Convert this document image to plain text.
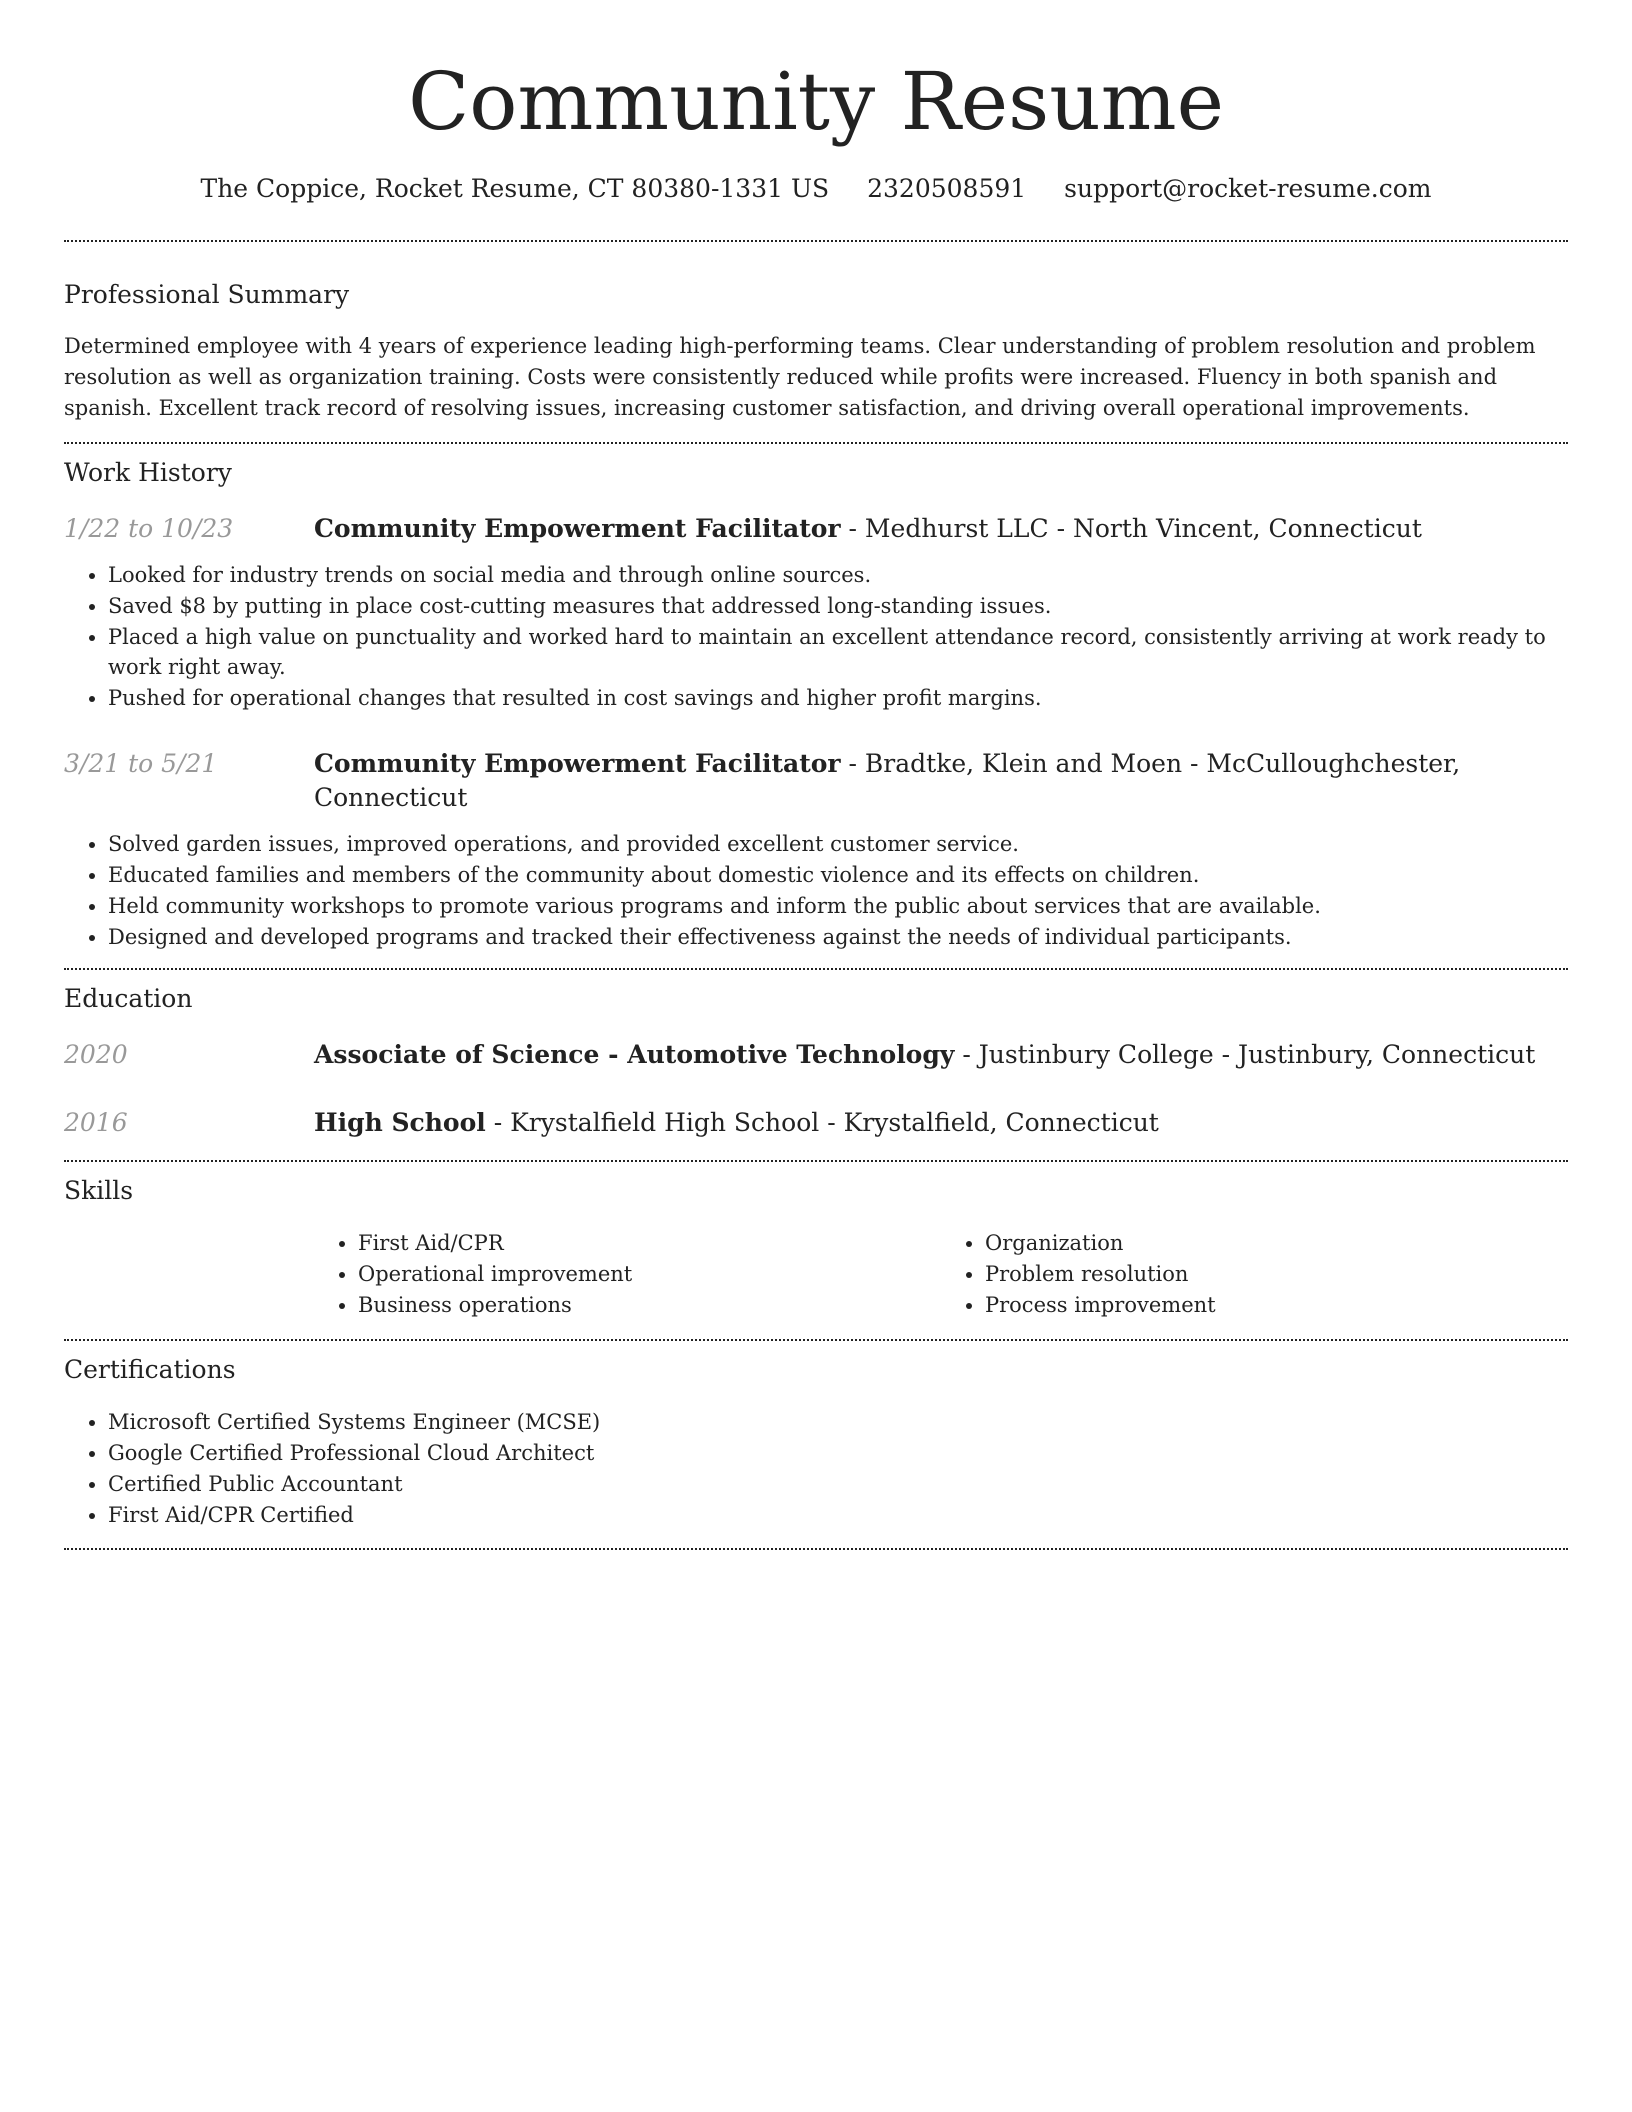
Community Resume
The Coppice, Rocket Resume, CT 80380-1331 US 2320508591 support@rocket-resume.com
Professional Summary

Determined employee with 4 years of experience leading high-performing teams. Clear understanding of problem resolution and problem resolution as well as organization training. Costs were consistently reduced while profits were increased. Fluency in both spanish and spanish. Excellent track record of resolving issues, increasing customer satisfaction, and driving overall operational improvements.

Work History
1/22 to 10/23	Community Empowerment Facilitator - Medhurst LLC - North Vincent, Connecticut
• Looked for industry trends on social media and through online sources.
• Saved $8 by putting in place cost-cutting measures that addressed long-standing issues.
• Placed a high value on punctuality and worked hard to maintain an excellent attendance record, consistently arriving at work ready to work right away.
• Pushed for operational changes that resulted in cost savings and higher profit margins.
3/21 to 5/21	Community Empowerment Facilitator - Bradtke, Klein and Moen - McCulloughchester, Connecticut
• Solved garden issues, improved operations, and provided excellent customer service.
• Educated families and members of the community about domestic violence and its effects on children.
• Held community workshops to promote various programs and inform the public about services that are available.
• Designed and developed programs and tracked their effectiveness against the needs of individual participants.
Education
2020	Associate of Science - Automotive Technology - Justinbury College - Justinbury, Connecticut
2016	High School - Krystalfield High School - Krystalfield, Connecticut
Skills
• First Aid/CPR
• Operational improvement
• Business operations
• Organization
• Problem resolution
• Process improvement
Certifications
• Microsoft Certified Systems Engineer (MCSE)
• Google Certified Professional Cloud Architect
• Certified Public Accountant
• First Aid/CPR Certified
